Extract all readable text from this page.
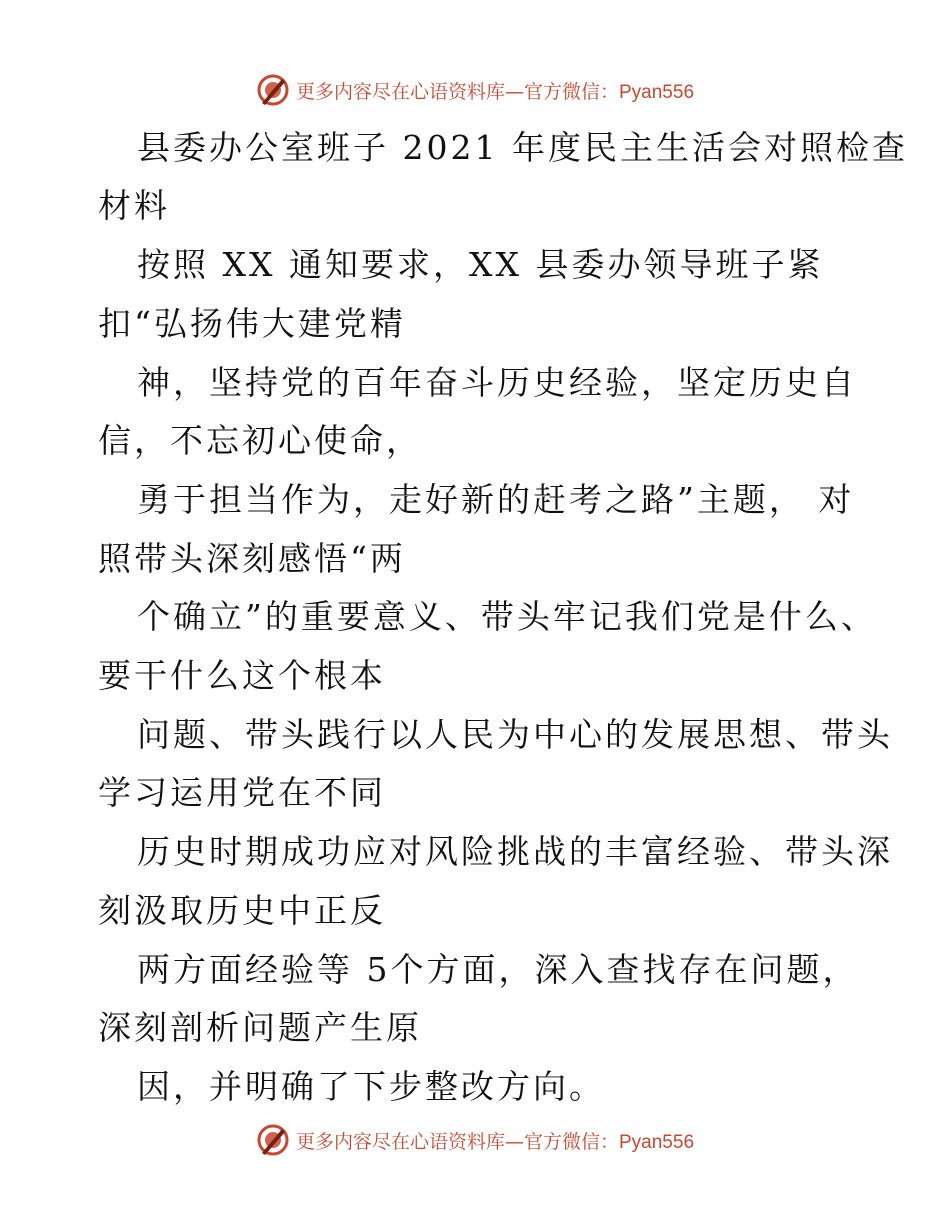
更多内容尽在心语资料库—官方微信：Pyan556
县委办公室班子 2021 年度民主生活会对照检查
材料
按照 XX 通知要求，XX 县委办领导班子紧
扣“弘扬伟大建党精
神，坚持党的百年奋斗历史经验，坚定历史自
信，不忘初心使命，
勇于担当作为，走好新的赶考之路”主题， 对
照带头深刻感悟“两
个确立”的重要意义、带头牢记我们党是什么、
要干什么这个根本
问题、带头践行以人民为中心的发展思想、带头
学习运用党在不同
历史时期成功应对风险挑战的丰富经验、带头深
刻汲取历史中正反
两方面经验等 5个方面，深入查找存在问题，
深刻剖析问题产生原
因，并明确了下步整改方向。
更多内容尽在心语资料库—官方微信：Pyan556
